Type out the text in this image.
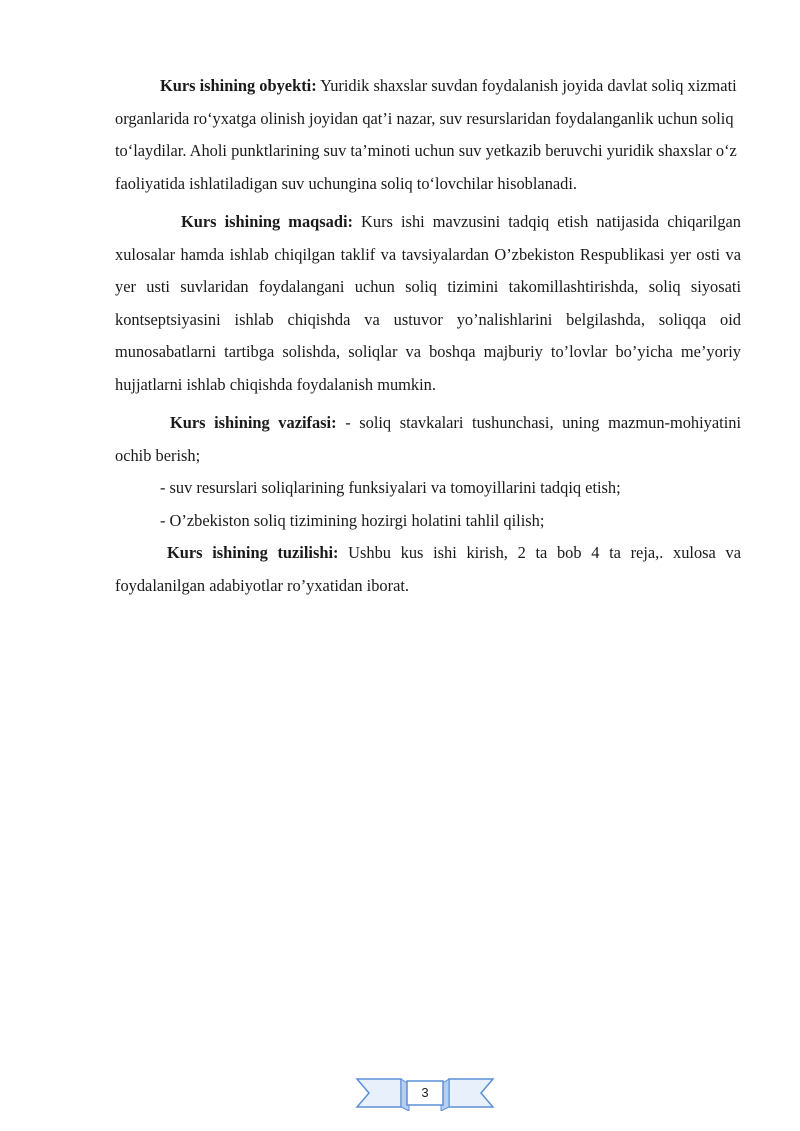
Kurs ishining obyekti: Yuridik shaxslar suvdan foydalanish joyida davlat soliq xizmati organlarida ro‘yxatga olinish joyidan qat’i nazar, suv resurslaridan foydalanganlik uchun soliq to‘laydilar. Aholi punktlarining suv ta’minoti uchun suv yetkazib beruvchi yuridik shaxslar o‘z faoliyatida ishlatiladigan suv uchungina soliq to‘lovchilar hisoblanadi.

Kurs ishining maqsadi: Kurs ishi mavzusini tadqiq etish natijasida chiqarilgan xulosalar hamda ishlab chiqilgan taklif va tavsiyalardan O’zbekiston Respublikasi yer osti va yer usti suvlaridan foydalangani uchun soliq tizimini takomillashtirishda, soliq siyosati kontseptsiyasini ishlab chiqishda va ustuvor yo’nalishlarini belgilashda, soliqqa oid munosabatlarni tartibga solishda, soliqlar va boshqa majburiy to’lovlar bo’yicha me’yoriy hujjatlarni ishlab chiqishda foydalanish mumkin.

Kurs ishining vazifasi: - soliq stavkalari tushunchasi, uning mazmun-mohiyatini ochib berish;

- suv resurslari soliqlarining funksiyalari va tomoyillarini tadqiq etish;

- O’zbekiston soliq tizimining hozirgi holatini tahlil qilish;

Kurs ishining tuzilishi: Ushbu kus ishi kirish, 2 ta bob 4 ta reja,. xulosa va foydalanilgan adabiyotlar ro’yxatidan iborat.

3
